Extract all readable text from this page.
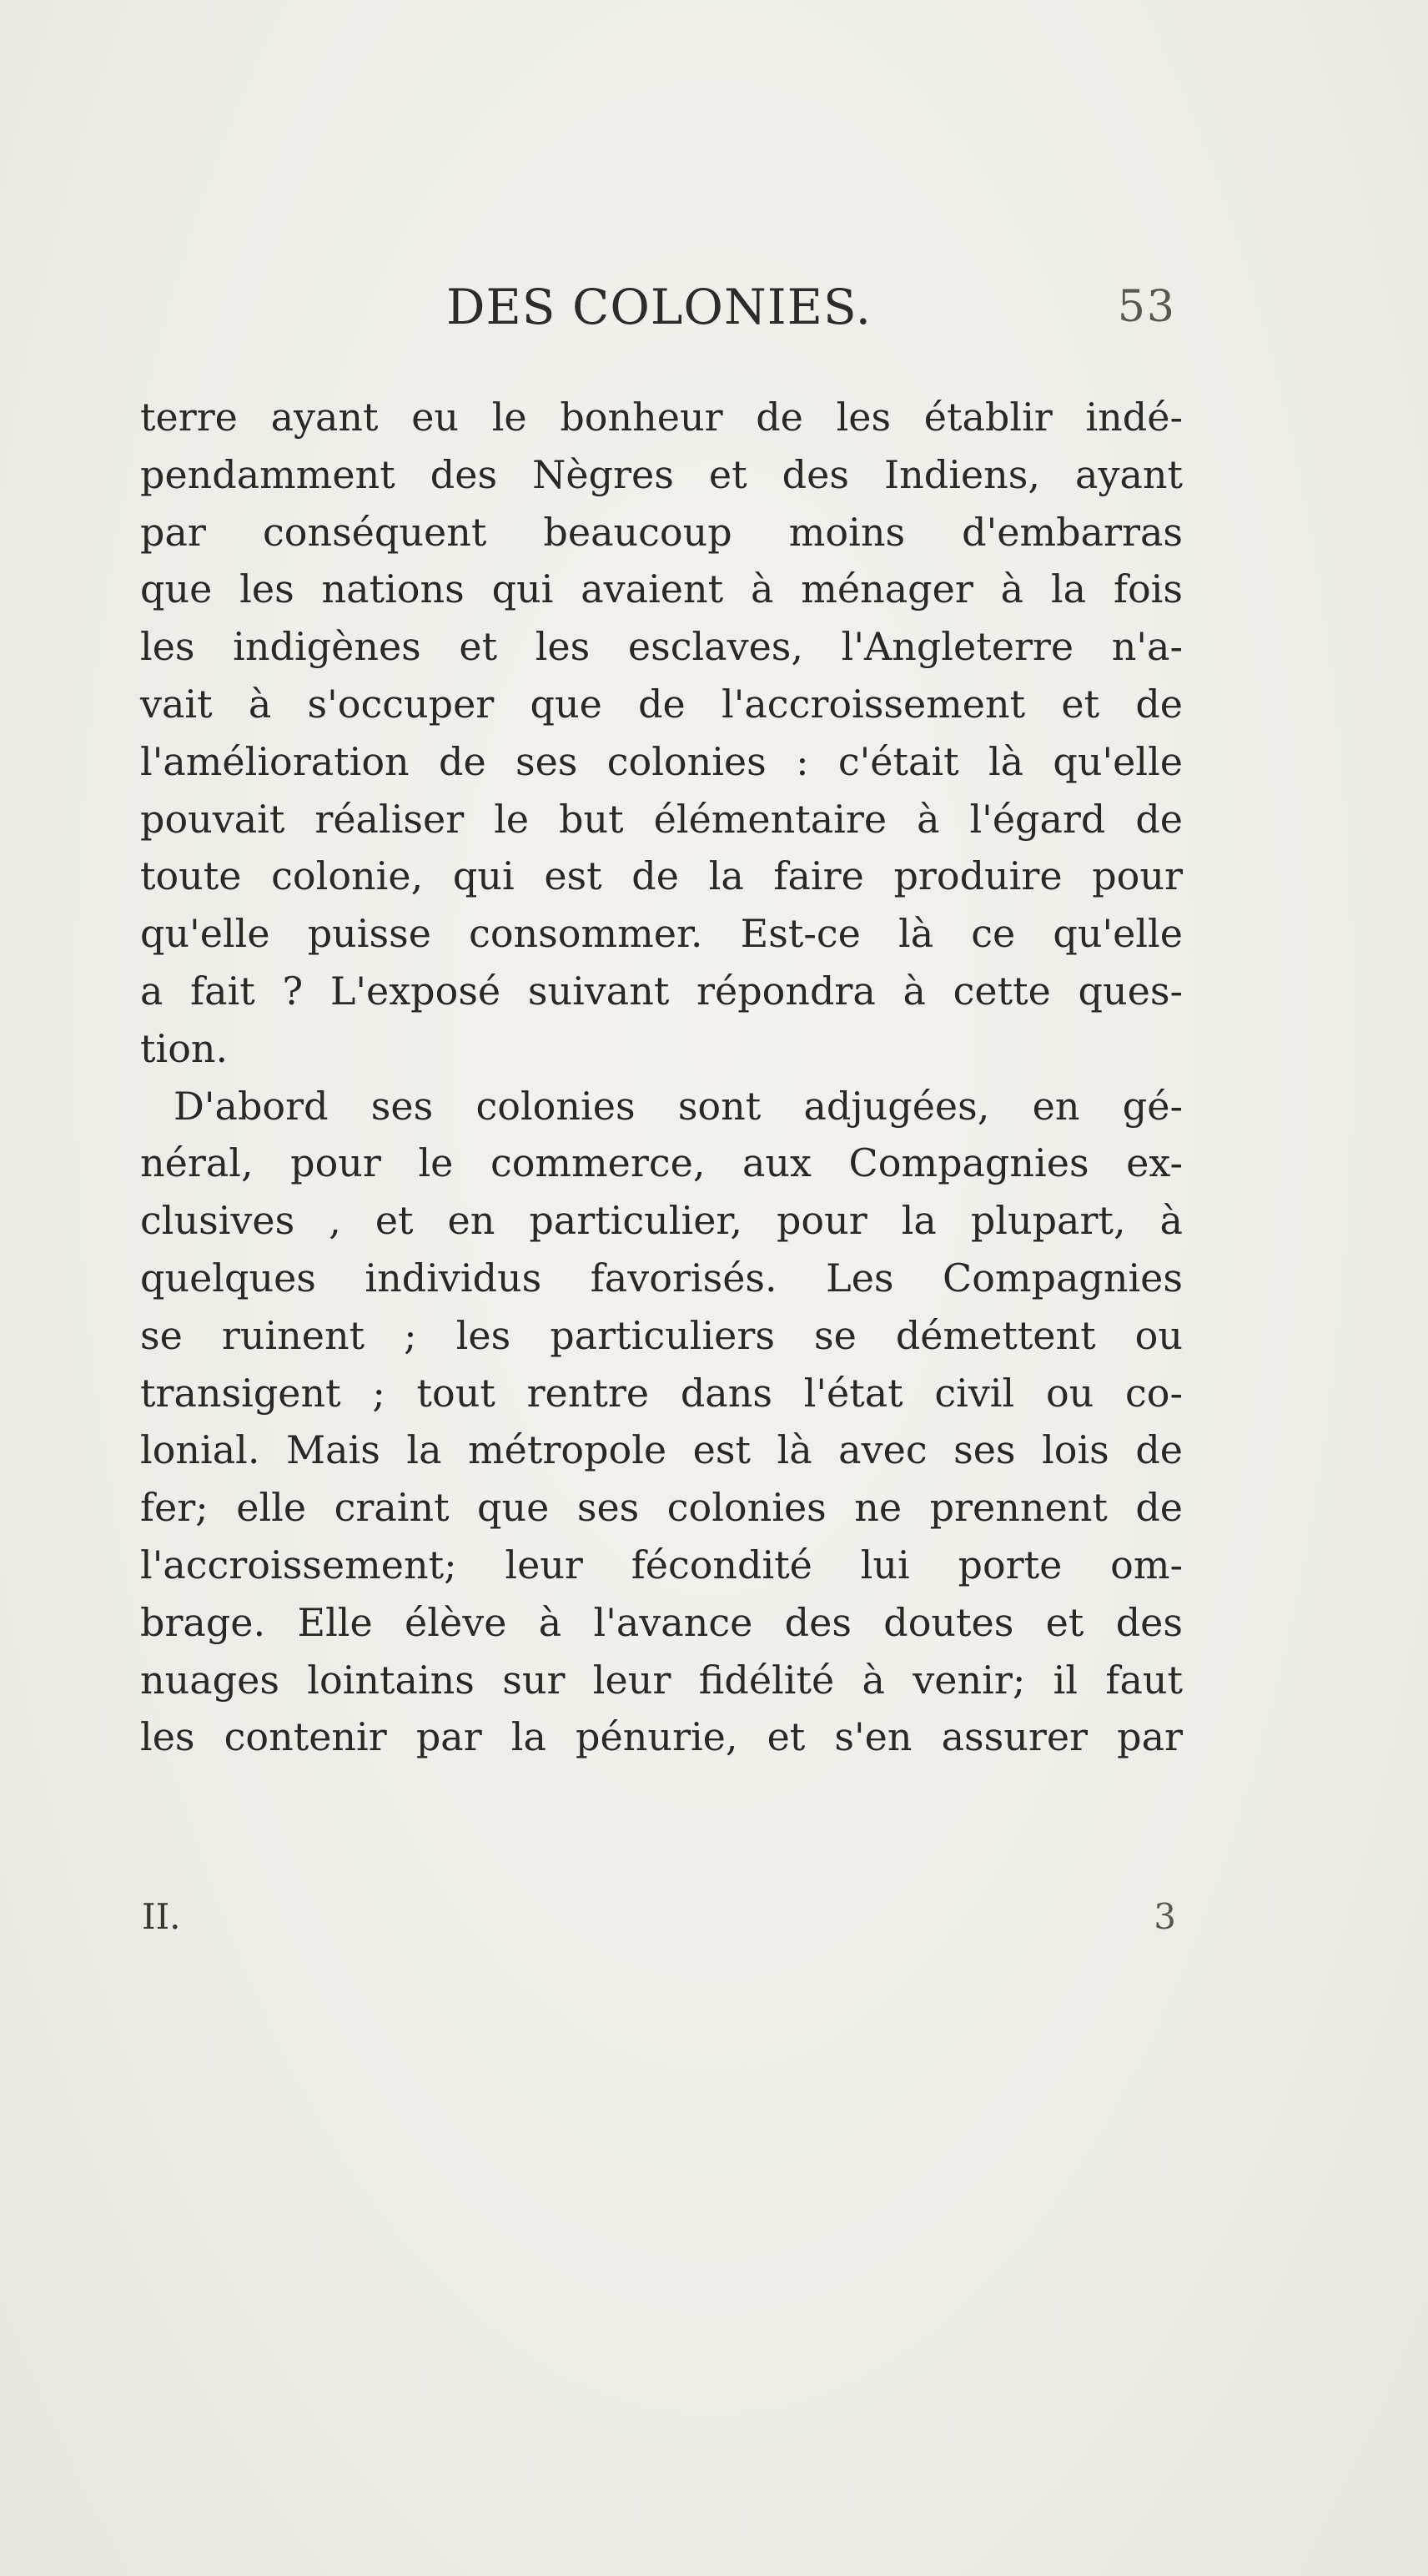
DES COLONIES.	53
terre ayant eu le bonheur de les établir indé-
pendamment des Nègres et des Indiens, ayant
par conséquent beaucoup moins d'embarras
que les nations qui avaient à ménager à la fois
les indigènes et les esclaves, l'Angleterre n'a-
vait à s'occuper que de l'accroissement et de
l'amélioration de ses colonies : c'était là qu'elle
pouvait réaliser le but élémentaire à l'égard de
toute colonie, qui est de la faire produire pour
qu'elle puisse consommer. Est-ce là ce qu'elle
a fait ? L'exposé suivant répondra à cette ques-
tion.
D'abord ses colonies sont adjugées, en gé-
néral, pour le commerce, aux Compagnies ex-
clusives , et en particulier, pour la plupart, à
quelques individus favorisés. Les Compagnies
se ruinent ; les particuliers se démettent ou
transigent ; tout rentre dans l'état civil ou co-
lonial. Mais la métropole est là avec ses lois de
fer; elle craint que ses colonies ne prennent de
l'accroissement; leur fécondité lui porte om-
brage. Elle élève à l'avance des doutes et des
nuages lointains sur leur fidélité à venir; il faut
les contenir par la pénurie, et s'en assurer par
II.	3
